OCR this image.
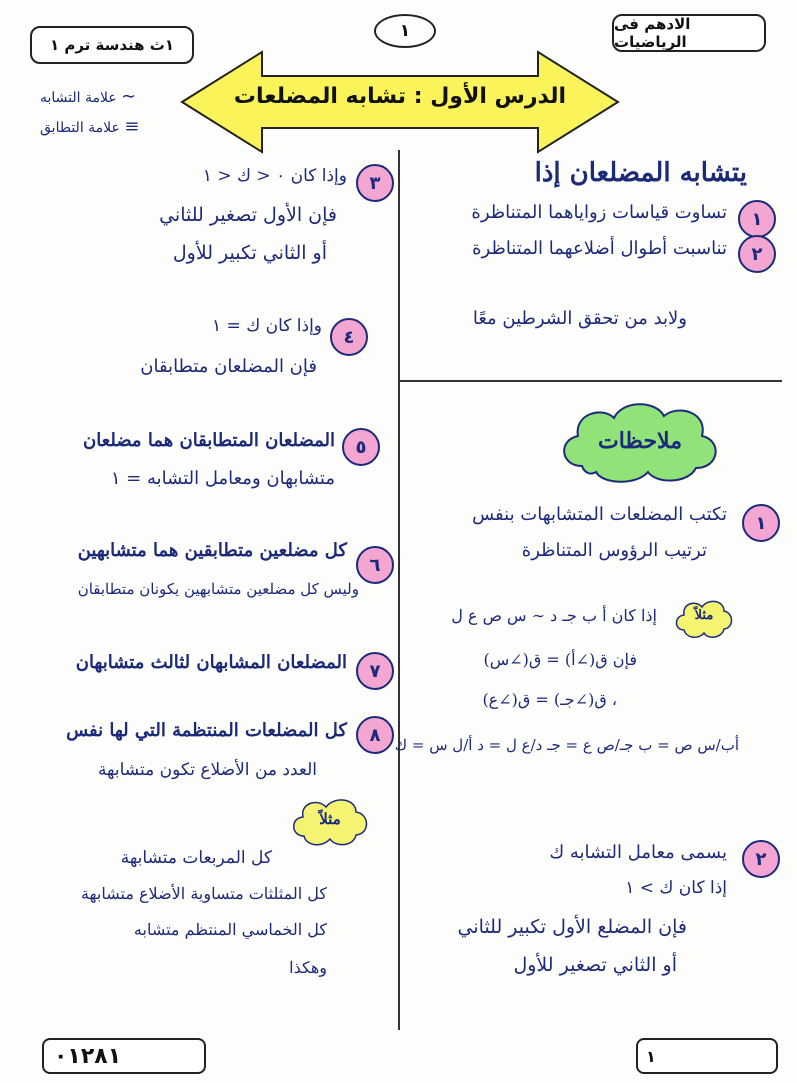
١ث هندسة ترم ١
١	الادهم فى الرياضيات
الدرس الأول : تشابه المضلعات
∽ علامة التشابه
≡ علامة التطابق
يتشابه المضلعان إذا
١
تساوت قياسات زواياهما المتناظرة
٢
تناسبت أطوال أضلاعهما المتناظرة
ولابد من تحقق الشرطين معًا
ملاحظات
١
تكتب المضلعات المتشابهات بنفس
ترتيب الرؤوس المتناظرة
مثلاً
إذا كان أ ب جـ د ∽ س ص ع ل
فإن ق(∠أ) = ق(∠س)
، ق(∠جـ) = ق(∠ع)
أب/س ص = ب جـ/ص ع = جـ د/ع ل = د أ/ل س = ك
٢
يسمى معامل التشابه ك
إذا كان ك > ١
فإن المضلع الأول تكبير للثاني
أو الثاني تصغير للأول
٣
وإذا كان ٠ < ك < ١
فإن الأول تصغير للثاني
أو الثاني تكبير للأول
٤
وإذا كان ك = ١
فإن المضلعان متطابقان
٥
المضلعان المتطابقان هما مضلعان
متشابهان ومعامل التشابه = ١
٦
كل مضلعين متطابقين هما متشابهين
وليس كل مضلعين متشابهين يكونان متطابقان
٧
المضلعان المشابهان لثالث متشابهان
٨
كل المضلعات المنتظمة التي لها نفس
العدد من الأضلاع تكون متشابهة
مثلاً
كل المربعات متشابهة
كل المثلثات متساوية الأضلاع متشابهة
كل الخماسي المنتظم متشابه
وهكذا
٠١٢٨١	١
